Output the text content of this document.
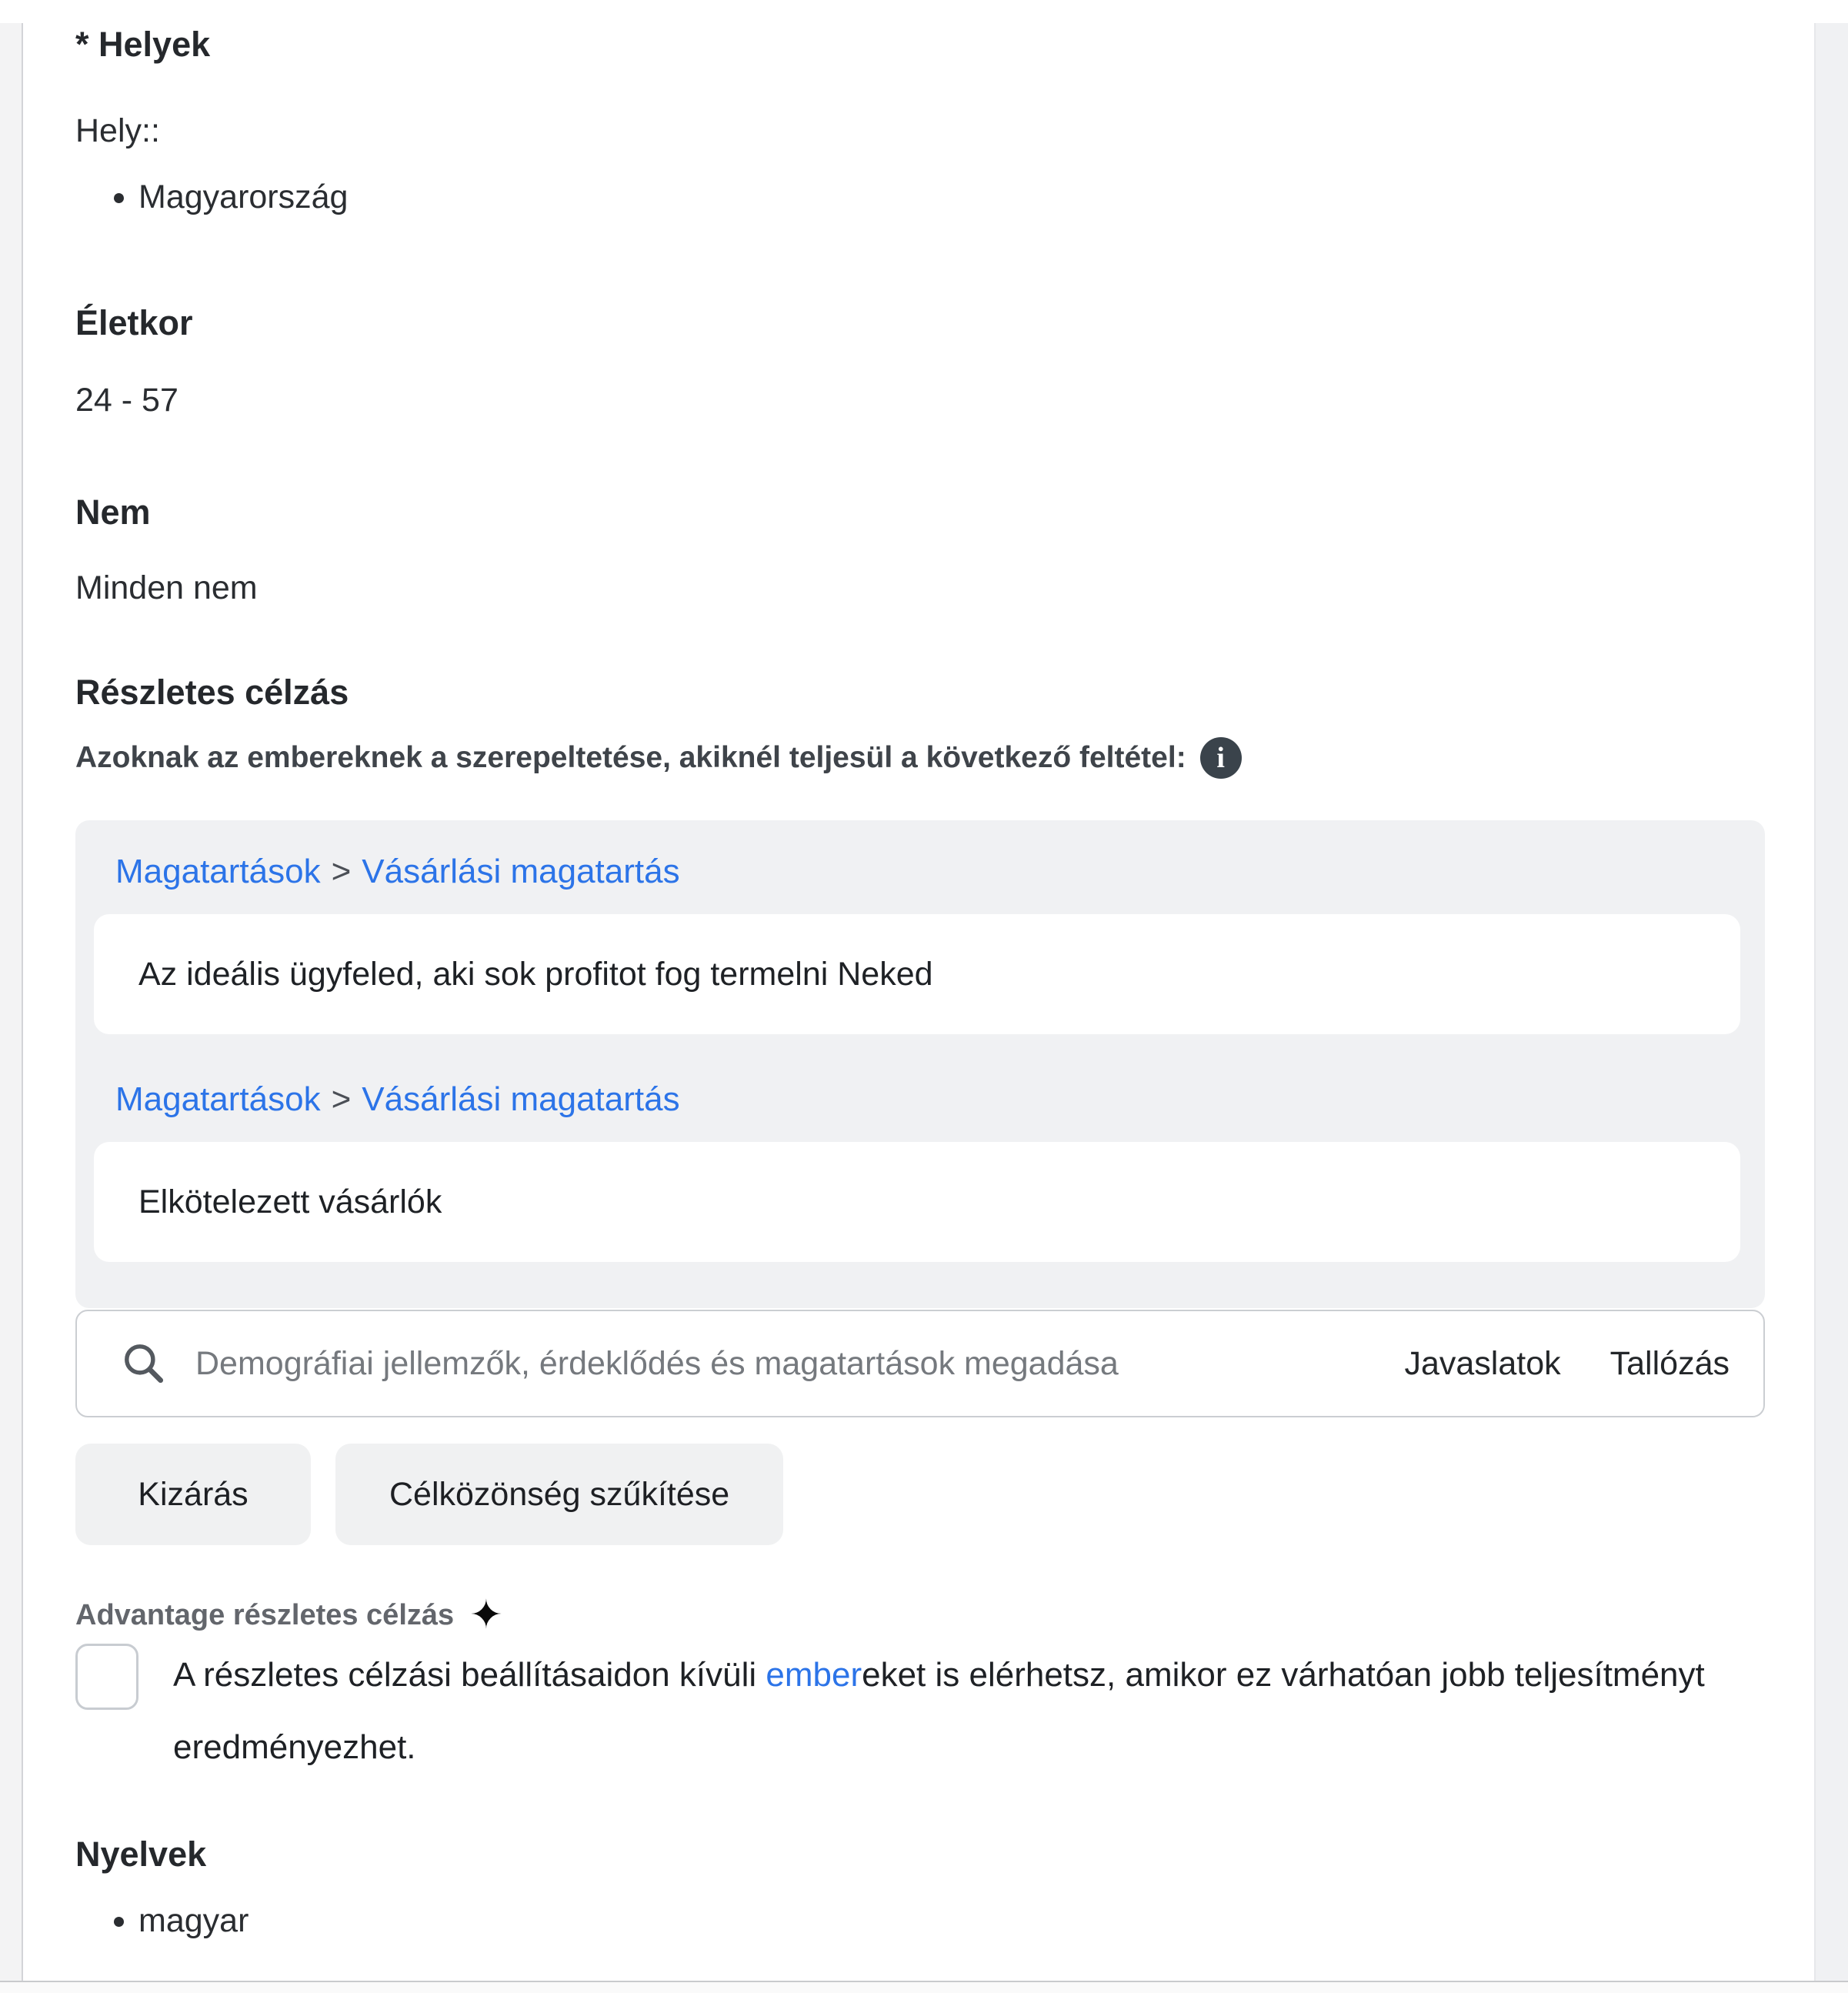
* Helyek
Hely::
• Magyarország
Életkor
24 - 57
Nem
Minden nem
Részletes célzás
Azoknak az embereknek a szerepeltetése, akiknél teljesül a következő feltétel:	i
Magatartások > Vásárlási magatartás
Az ideális ügyfeled, aki sok profitot fog termelni Neked
Magatartások > Vásárlási magatartás
Elkötelezett vásárlók
Demográfiai jellemzők, érdeklődés és magatartások megadása
Javaslatok Tallózás
Kizárás	Célközönség szűkítése
Advantage részletes célzás ✦
A részletes célzási beállításaidon kívüli embereket is elérhetsz, amikor ez várhatóan jobb teljesítményt eredményezhet.
Nyelvek
• magyar
